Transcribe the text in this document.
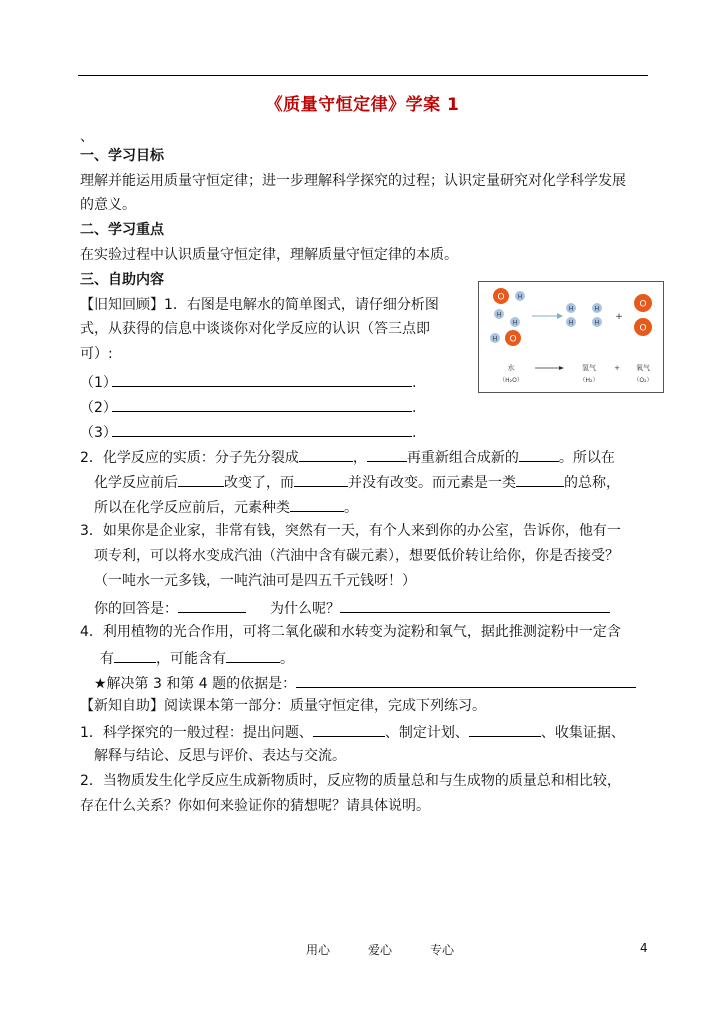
《质量守恒定律》学案 1
、
一、学习目标
理解并能运用质量守恒定律；进一步理解科学探究的过程；认识定量研究对化学科学发展
的意义。
二、学习重点
在实验过程中认识质量守恒定律，理解质量守恒定律的本质。
三、自助内容
【旧知回顾】1．右图是电解水的简单图式，请仔细分析图
式，从获得的信息中谈谈你对化学反应的认识（答三点即
可）:
（1）	.
（2）	.
（3）	.
2．化学反应的实质：分子先分裂成	，	再重新组合成新的	。所以在
化学反应前后	改变了，而	并没有改变。而元素是一类	的总称，
所以在化学反应前后，元素种类	。
3．如果你是企业家，非常有钱，突然有一天，有个人来到你的办公室，告诉你，他有一
项专利，可以将水变成汽油（汽油中含有碳元素），想要低价转让给你，你是否接受？
（一吨水一元多钱，一吨汽油可是四五千元钱呀！）
你的回答是：	为什么呢？
4．利用植物的光合作用，可将二氧化碳和水转变为淀粉和氧气，据此推测淀粉中一定含
有	，可能含有	。
★解决第 3 和第 4 题的依据是：
【新知自助】阅读课本第一部分：质量守恒定律，完成下列练习。
1．科学探究的一般过程：提出问题、	、制定计划、	、收集证据、
解释与结论、反思与评价、表达与交流。
2．当物质发生化学反应生成新物质时，反应物的质量总和与生成物的质量总和相比较，
存在什么关系？你如何来验证你的猜想呢？请具体说明。
O H
H
H
O
H
H
H
H
H
+
O
O
水	氢气	+ 氧气
（H₂O）	（H₂）	（O₂）
用心	爱心	专心	4
